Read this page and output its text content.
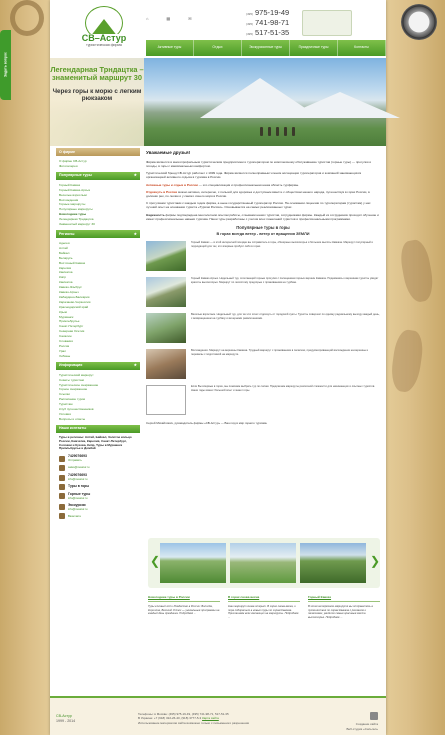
Задать вопрос
СВ–Астур
туристическая фирма
⌂	▦	✉
(495) 975-19-49
(495) 741-98-71
(495) 517-51-35
Активные туры	Отдых	Экскурсионные туры	Праздничные туры	Контакты
Легендарная Трндацтка – знаменитый маршрут 30
Через горы к морю с легким рюкзаком
О фирме
О фирме СВ-Астур
Фотогалерея
Популярные туры	★
Горный Кавказ
Горный Кавказ-Архыз
Веселые взрослым
Восхождения
Горные маршруты
Популярные маршруты
Новогодние туры
Легендарная Трндацтка
Знаменитый маршрут 30
Регионы	★
Адыгея
Алтай
Байкал
Беларусь
Восточный Кавказ
Карелия
Камчатка
Кипр
Камчатка
Кавказ-Эльбрус
Кавказ-Архыз
Кабардино-Балкария
Карачаево-Черкессия
Краснодарский край
Крым
Мурманск
Приэльбрусье
Санкт-Петербург
Северная Осетия
Сахалин
Словакия
Россия
Урал
Хибины
Информация	★
Туристический маршрут
Советы туристам
Туристическое снаряжение
Горное снаряжение
Ссылки
Расписание туров
Туристам
Клуб путешественников
Условия
Вопросы и ответы
Наши контакты
Туры в регионы: Алтай, Байкал, Золотое кольцо России, Камчатка, Карелия, Санкт-Петербург, Соловки и Кузова, Кипр, Туры в Мурманск Приэльбрусье и Домбай
7429076693
Отправить
sales@svastur.ru
7429076693
info@svastur.ru
Туры в горы
Горные туры
info@svastur.ru
Экскурсии
info@svastur.ru
Вконтакте
Уважаемые друзья!

Фирма является в многопрофильным туристическим предприятием и туроператором по комплексному обслуживанию туристов (горные туры) — прогулки и походы, в горы с максимальным комфортом.

Туристический бренд СВ-Астур работает с 1999 года. Фирма является полноправным членом ассоциации туроператоров и компаний занимающихся организацией активного отдыха в туризма в России.

Активные туры и отдых в России — это специализация и профессиональная наша область турфирмы.

Отдохнуть в России можно активно, интересно, с пользой для здоровья и доступным вместе с обществом нашего народа, путешествуя в горах России, в долинах рек, по лесам и у самого синего моря в России.

С прогулками туристами с каждым годом фирма, а ныне государственный туроператор России. На основании лицензии по туроператорам (туристам) у нас лучший опыт на основании туриста «Туризм России». Основывается на самых реализованных турах.

Надежность фирмы подтверждена многолетним опытом работы, отзывами наших туристов, сотрудниками фирмы. Каждый из сотрудников проходит обучение и имеет профессиональные навыки туризма. Наши туры разработаны с учетом всех пожеланий туристов и профессиональными программами.

Популярные туры в горы
В горах всегда ветер - ветер от вращения ЗЕМЛИ
Горный Кавказ — в этой интересной поездке вы отправитесь в горы, обширные высокогорья и большие высоты Кавказа. Маршрут популярный и подходящий для тех, кто впервые пробует себя в горах.
Горный Кавказ-Архыз. Недельный тур, сочетающий горные прогулки с посещением горных вершин Кавказа. Поднимаясь к вершинам туристы увидят красоты высокогорья. Маршрут по лесистому предгорью с проживанием на турбазе.
Веселые взрослым. Недельный тур, для тех кто хочет отдохнуть от городской суеты. Туристы совершат по одному радиальному выходу каждый день, с возвращением на турбазу и вечерними развлечениями.
Восхождения. Маршрут на вершины Кавказа. Трудный маршрут с проживанием в палатках, предусматривающий восхождения на вершины и перевалы с подготовкой на маршруте.
Если Вы впервые в горах, мы поможем выбрать тур по силам. Предлагаем маршруты различной сложности для начинающих и опытных туристов. Наши гиды имеют большой опыт и знают горы.

Сергей Михайлович, руководитель фирмы «СВ-Астур» — Ваш гид в мир горного туризма.

❮	❯
Новогодние туры в России
Туры в Новый год и Рождество в России: Вологда, Кириллов, Великий Устюг — уникальные программы на каждый день праздника. Подробнее ...
В горах снова весна
Наш маршрут снова открыт. В горах снова весна, и пора собираться в новые туры по горам Кавказа. Приглашаем всех желающих на маршруты. Подробнее ...
Горный Кавказ
В этом интересном маршруте вы отправитесь в путешествие по горам Кавказа с рюкзаком и палатками, увидите самые красивые места высокогорья. Подробнее ...
СВ-Астур
1999 - 2014
Телефоны: в Москве: (495) 975-19-49, (495) 741-98-71, 517-51-35
В Украине: +7 (918) 322-26-40, (918) 3777-5-3 Карта сайта
Использование материалов сайта возможно только с письменного разрешения	Создание сайта
Веб-студия «Сильгал»
